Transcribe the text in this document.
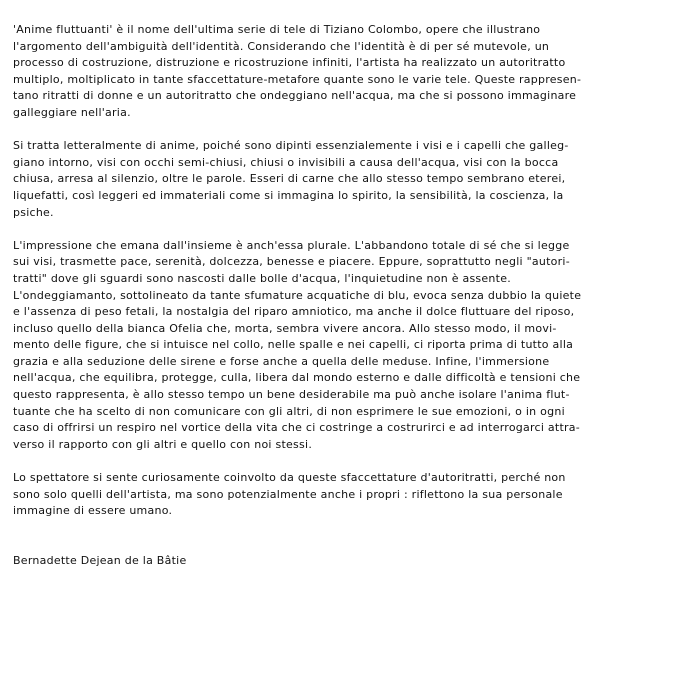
'Anime fluttuanti' è il nome dell'ultima serie di tele di Tiziano Colombo, opere che illustrano
l'argomento dell'ambiguità dell'identità. Considerando che l'identità è di per sé mutevole, un
processo di costruzione, distruzione e ricostruzione infiniti, l'artista ha realizzato un autoritratto
multiplo, moltiplicato in tante sfaccettature-metafore quante sono le varie tele. Queste rappresen-
tano ritratti di donne e un autoritratto che ondeggiano nell'acqua, ma che si possono immaginare
galleggiare nell'aria.
Si tratta letteralmente di anime, poiché sono dipinti essenzialemente i visi e i capelli che galleg-
giano intorno, visi con occhi semi-chiusi, chiusi o invisibili a causa dell'acqua, visi con la bocca
chiusa, arresa al silenzio, oltre le parole. Esseri di carne che allo stesso tempo sembrano eterei,
liquefatti, così leggeri ed immateriali come si immagina lo spirito, la sensibilità, la coscienza, la
psiche.
L'impressione che emana dall'insieme è anch'essa plurale. L'abbandono totale di sé che si legge
sui visi, trasmette pace, serenità, dolcezza, benesse e piacere. Eppure, soprattutto negli "autori-
tratti" dove gli sguardi sono nascosti dalle bolle d'acqua, l'inquietudine non è assente.
L'ondeggiamanto, sottolineato da tante sfumature acquatiche di blu, evoca senza dubbio la quiete
e l'assenza di peso fetali, la nostalgia del riparo amniotico, ma anche il dolce fluttuare del riposo,
incluso quello della bianca Ofelia che, morta, sembra vivere ancora. Allo stesso modo, il movi-
mento delle figure, che si intuisce nel collo, nelle spalle e nei capelli, ci riporta prima di tutto alla
grazia e alla seduzione delle sirene e forse anche a quella delle meduse. Infine, l'immersione
nell'acqua, che equilibra, protegge, culla, libera dal mondo esterno e dalle difficoltà e tensioni che
questo rappresenta, è allo stesso tempo un bene desiderabile ma può anche isolare l'anima flut-
tuante che ha scelto di non comunicare con gli altri, di non esprimere le sue emozioni, o in ogni
caso di offrirsi un respiro nel vortice della vita che ci costringe a costrurirci e ad interrogarci attra-
verso il rapporto con gli altri e quello con noi stessi.
Lo spettatore si sente curiosamente coinvolto da queste sfaccettature d'autoritratti, perché non
sono solo quelli dell'artista, ma sono potenzialmente anche i propri : riflettono la sua personale
immagine di essere umano.
Bernadette Dejean de la Bâtie
